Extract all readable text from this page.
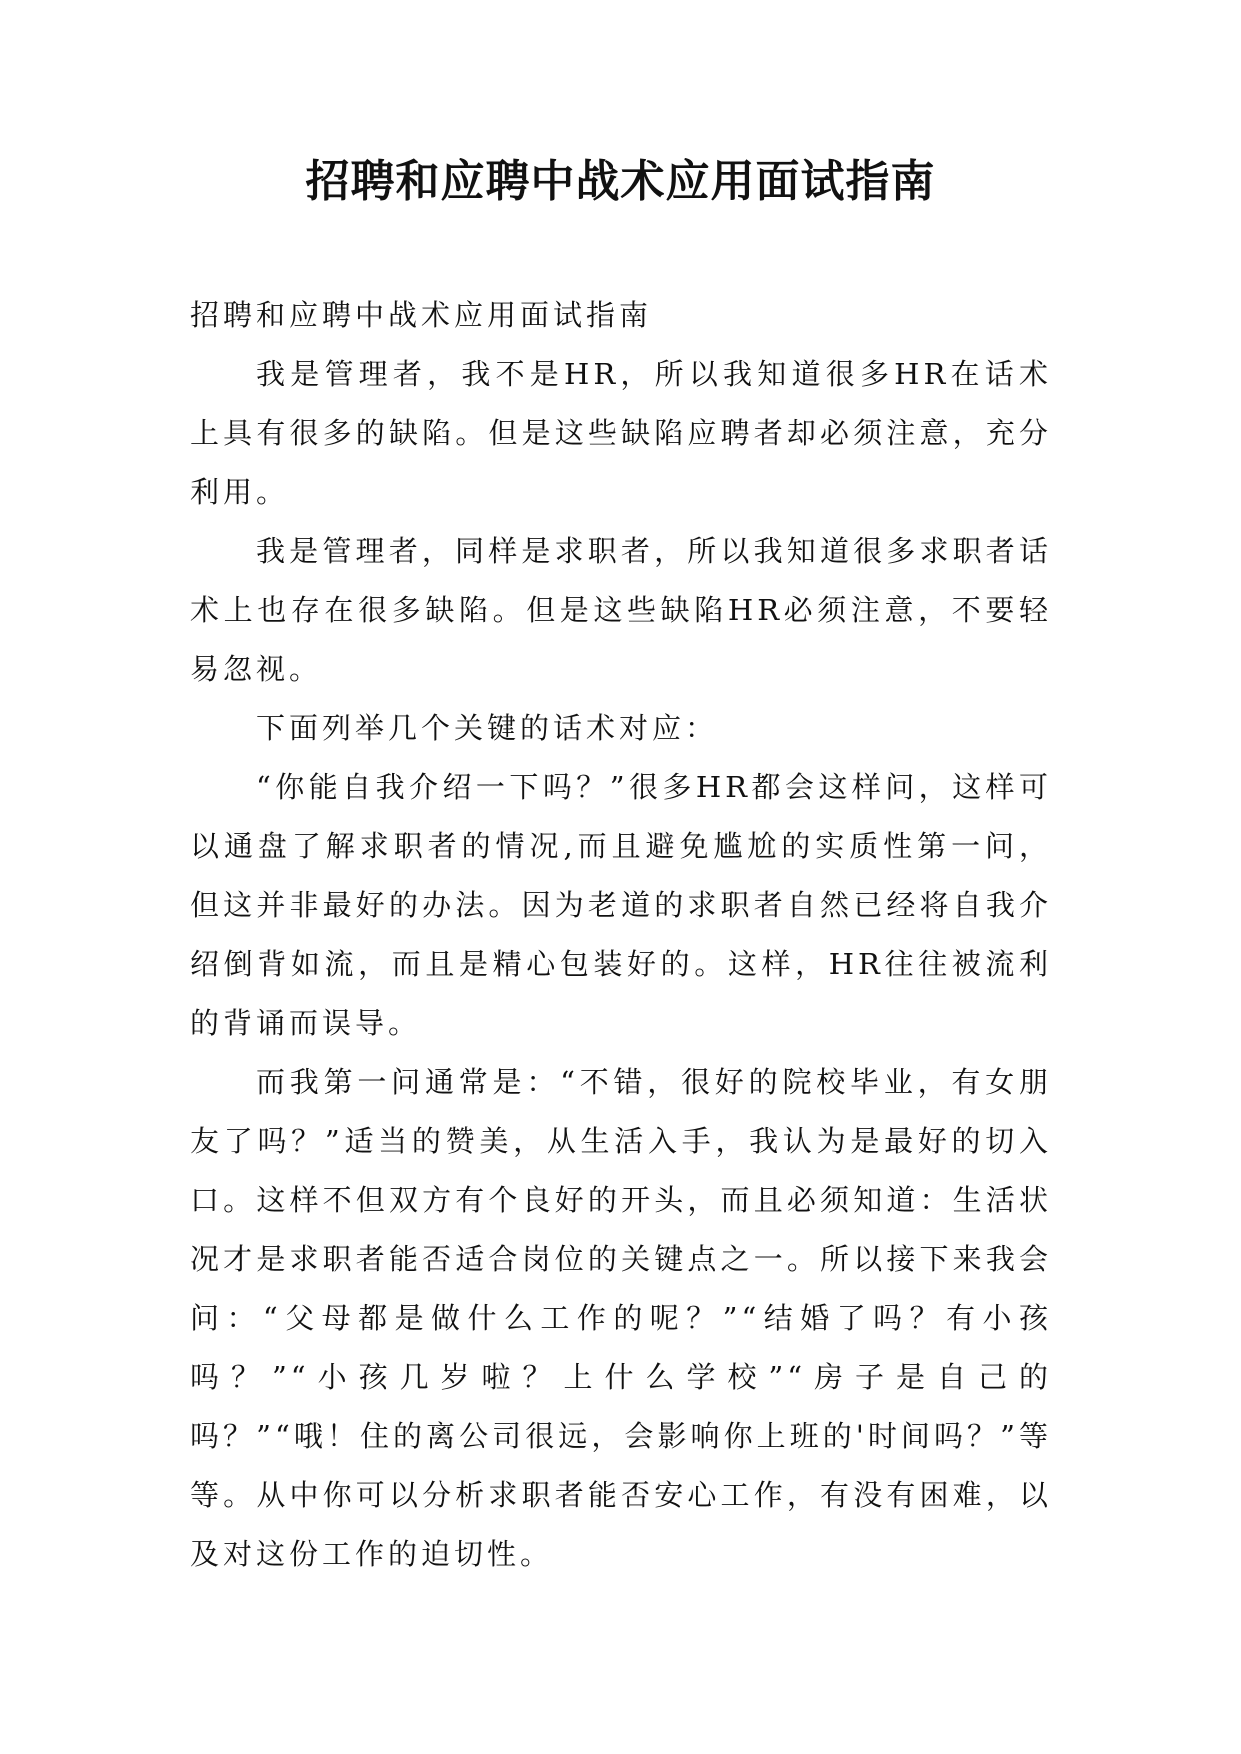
招聘和应聘中战术应用面试指南

招聘和应聘中战术应用面试指南

我是管理者，我不是HR，所以我知道很多HR在话术上具有很多的缺陷。但是这些缺陷应聘者却必须注意，充分利用。

我是管理者，同样是求职者，所以我知道很多求职者话术上也存在很多缺陷。但是这些缺陷HR必须注意，不要轻易忽视。

下面列举几个关键的话术对应：

“你能自我介绍一下吗？”很多HR都会这样问，这样可以通盘了解求职者的情况,而且避免尴尬的实质性第一问，但这并非最好的办法。因为老道的求职者自然已经将自我介绍倒背如流，而且是精心包装好的。这样，HR往往被流利的背诵而误导。

而我第一问通常是：“不错，很好的院校毕业，有女朋友了吗？”适当的赞美，从生活入手，我认为是最好的切入口。这样不但双方有个良好的开头，而且必须知道：生活状况才是求职者能否适合岗位的关键点之一。所以接下来我会问：“父母都是做什么工作的呢？”“结婚了吗？有小孩吗？”“小孩几岁啦？上什么学校”“房子是自己的吗？”“哦！住的离公司很远，会影响你上班的'时间吗？”等等。从中你可以分析求职者能否安心工作，有没有困难，以及对这份工作的迫切性。
